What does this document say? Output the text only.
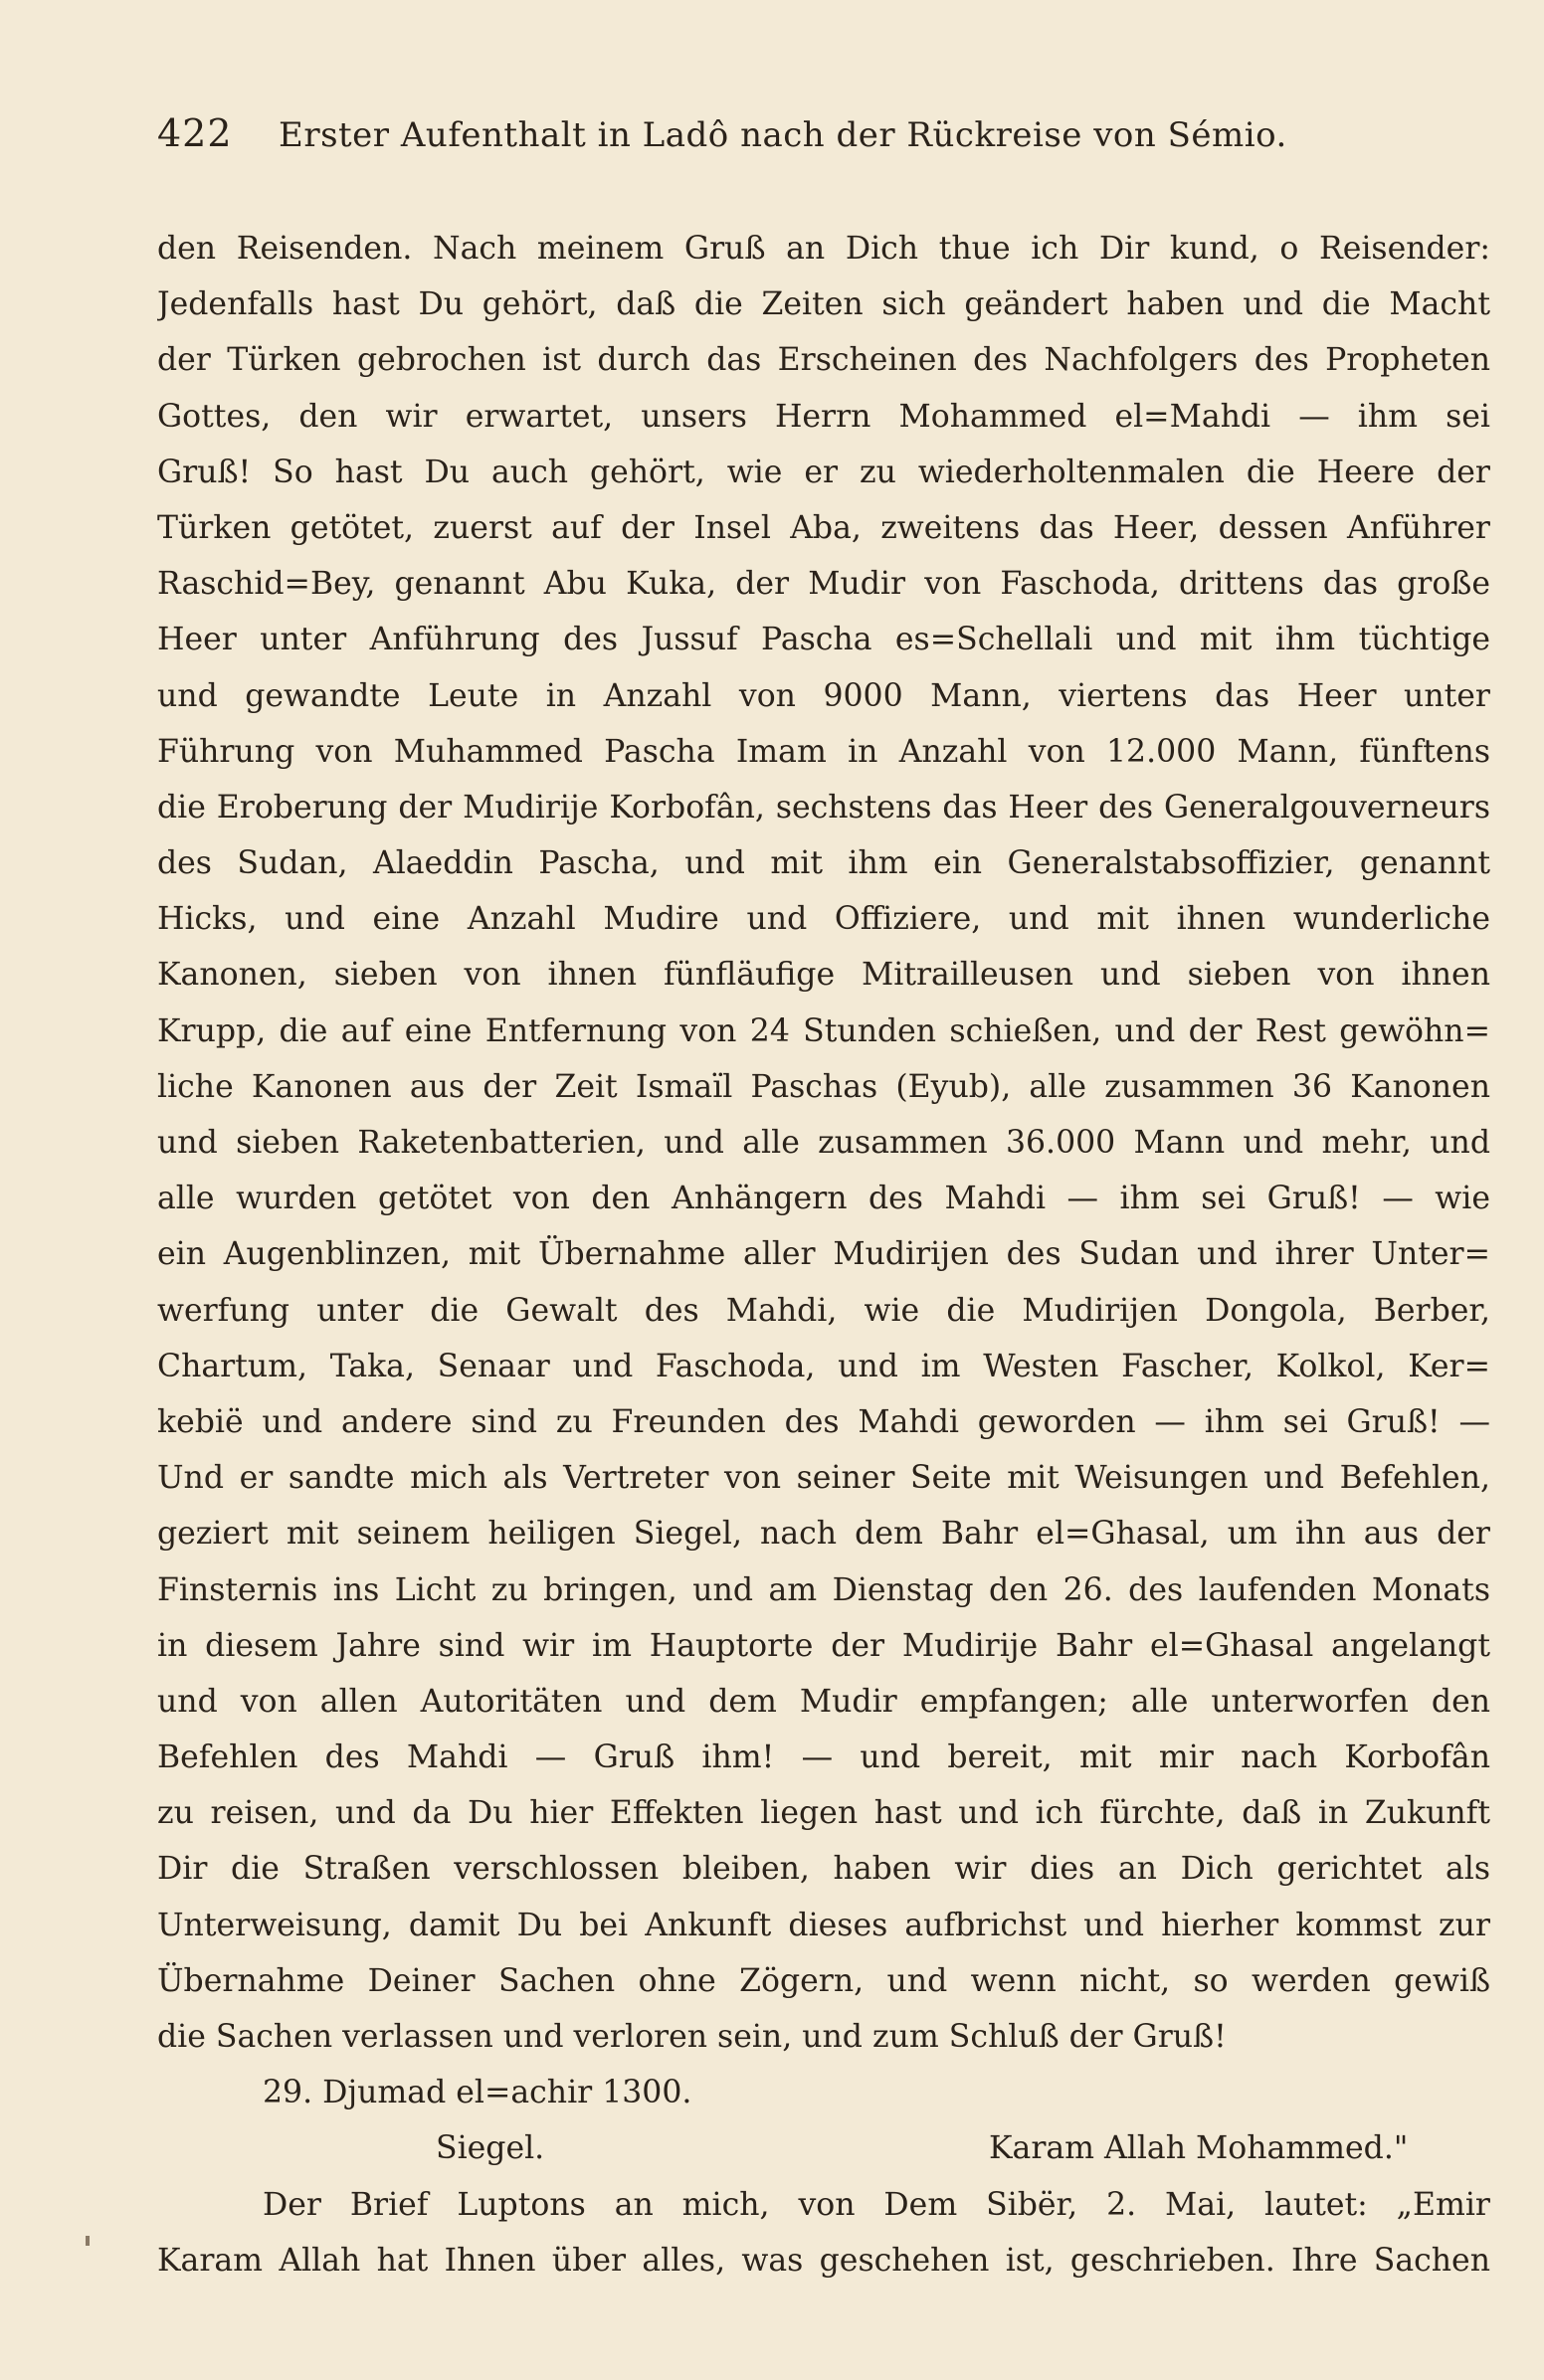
422	Erster Aufenthalt in Ladô nach der Rückreise von Sémio.
den Reisenden. Nach meinem Gruß an Dich thue ich Dir kund, o Reisender:
Jedenfalls hast Du gehört, daß die Zeiten sich geändert haben und die Macht
der Türken gebrochen ist durch das Erscheinen des Nachfolgers des Propheten
Gottes, den wir erwartet, unsers Herrn Mohammed el=Mahdi — ihm sei
Gruß! So hast Du auch gehört, wie er zu wiederholtenmalen die Heere der
Türken getötet, zuerst auf der Insel Aba, zweitens das Heer, dessen Anführer
Raschid=Bey, genannt Abu Kuka, der Mudir von Faschoda, drittens das große
Heer unter Anführung des Jussuf Pascha es=Schellali und mit ihm tüchtige
und gewandte Leute in Anzahl von 9000 Mann, viertens das Heer unter
Führung von Muhammed Pascha Imam in Anzahl von 12.000 Mann, fünftens
die Eroberung der Mudirije Korbofân, sechstens das Heer des Generalgouverneurs
des Sudan, Alaeddin Pascha, und mit ihm ein Generalstabsoffizier, genannt
Hicks, und eine Anzahl Mudire und Offiziere, und mit ihnen wunderliche
Kanonen, sieben von ihnen fünfläufige Mitrailleusen und sieben von ihnen
Krupp, die auf eine Entfernung von 24 Stunden schießen, und der Rest gewöhn=
liche Kanonen aus der Zeit Ismaïl Paschas (Eyub), alle zusammen 36 Kanonen
und sieben Raketenbatterien, und alle zusammen 36.000 Mann und mehr, und
alle wurden getötet von den Anhängern des Mahdi — ihm sei Gruß! — wie
ein Augenblinzen, mit Übernahme aller Mudirijen des Sudan und ihrer Unter=
werfung unter die Gewalt des Mahdi, wie die Mudirijen Dongola, Berber,
Chartum, Taka, Senaar und Faschoda, und im Westen Fascher, Kolkol, Ker=
kebië und andere sind zu Freunden des Mahdi geworden — ihm sei Gruß! —
Und er sandte mich als Vertreter von seiner Seite mit Weisungen und Befehlen,
geziert mit seinem heiligen Siegel, nach dem Bahr el=Ghasal, um ihn aus der
Finsternis ins Licht zu bringen, und am Dienstag den 26. des laufenden Monats
in diesem Jahre sind wir im Hauptorte der Mudirije Bahr el=Ghasal angelangt
und von allen Autoritäten und dem Mudir empfangen; alle unterworfen den
Befehlen des Mahdi — Gruß ihm! — und bereit, mit mir nach Korbofân
zu reisen, und da Du hier Effekten liegen hast und ich fürchte, daß in Zukunft
Dir die Straßen verschlossen bleiben, haben wir dies an Dich gerichtet als
Unterweisung, damit Du bei Ankunft dieses aufbrichst und hierher kommst zur
Übernahme Deiner Sachen ohne Zögern, und wenn nicht, so werden gewiß
die Sachen verlassen und verloren sein, und zum Schluß der Gruß!
29. Djumad el=achir 1300.
Siegel.	Karam Allah Mohammed."
Der Brief Luptons an mich, von Dem Sibër, 2. Mai, lautet: „Emir
Karam Allah hat Ihnen über alles, was geschehen ist, geschrieben. Ihre Sachen
